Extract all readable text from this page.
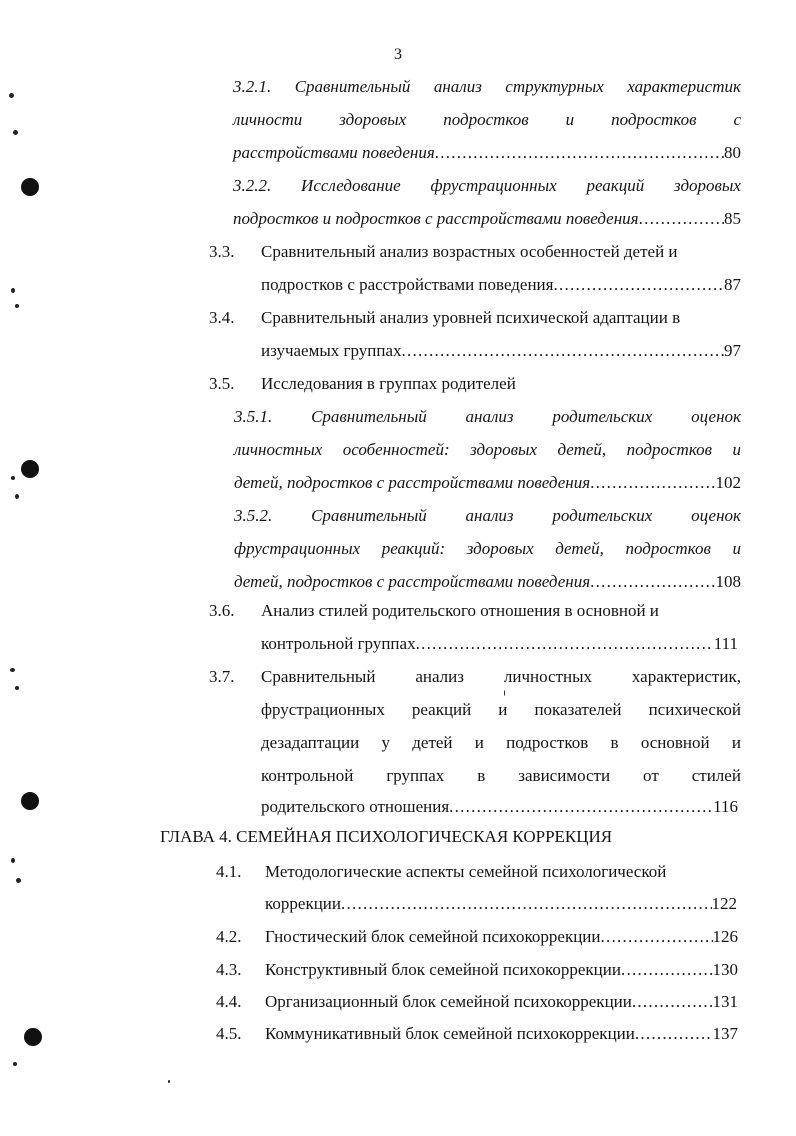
3
3.2.1. Сравнительный анализ структурных характеристик
личности здоровых подростков и подростков с
расстройствами поведения . . .	80
3.2.2. Исследование фрустрационных реакций здоровых
подростков и подростков с расстройствами поведения . . .	85
3.3. Сравнительный анализ возрастных особенностей детей и
подростков с расстройствами поведения . . .	87
3.4. Сравнительный анализ уровней психической адаптации в
изучаемых группах . . .	97
3.5. Исследования в группах родителей
3.5.1. Сравнительный анализ родительских оценок
личностных особенностей: здоровых детей, подростков и
детей, подростков с расстройствами поведения . . .	102
3.5.2. Сравнительный анализ родительских оценок
фрустрационных реакций: здоровых детей, подростков и
детей, подростков с расстройствами поведения . . .	108
3.6. Анализ стилей родительского отношения в основной и
контрольной группах . . .	111
3.7. Сравнительный анализ личностных характеристик,
фрустрационных реакций и показателей психической
дезадаптации у детей и подростков в основной и
контрольной группах в зависимости от стилей
родительского отношения . . .	116
ГЛАВА 4. СЕМЕЙНАЯ ПСИХОЛОГИЧЕСКАЯ КОРРЕКЦИЯ
4.1. Методологические аспекты семейной психологической
коррекции . . .	122
4.2. Гностический блок семейной психокоррекции . . .	126
4.3. Конструктивный блок семейной психокоррекции . . .	130
4.4. Организационный блок семейной психокоррекции . . .	131
4.5. Коммуникативный блок семейной психокоррекции . . .	137
